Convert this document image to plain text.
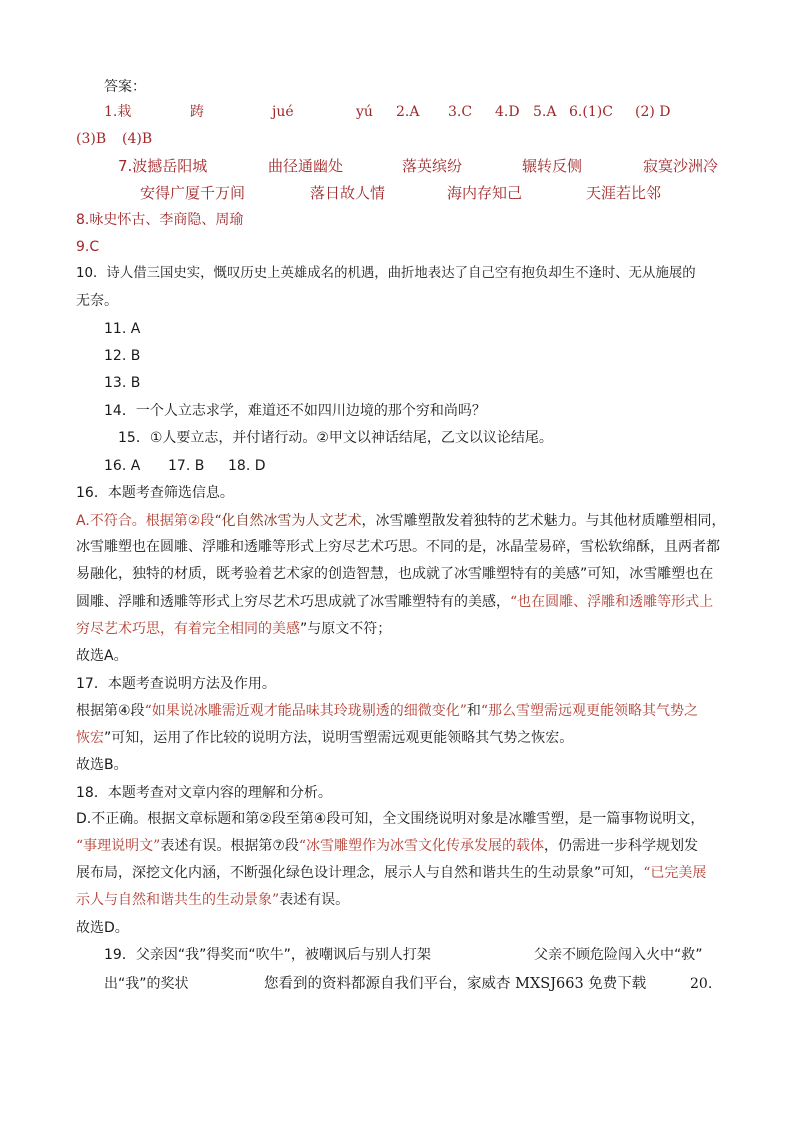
答案：
1.栽	踌	jué	yú 2.A 3.C 4.D 5.A 6.(1)C (2) D
(3)B (4)B
7.波撼岳阳城	曲径通幽处	落英缤纷	辗转反侧	寂寞沙洲冷
安得广厦千万间	落日故人情	海内存知己	天涯若比邻
8.咏史怀古、李商隐、周瑜
9.C
10．诗人借三国史实，慨叹历史上英雄成名的机遇，曲折地表达了自己空有抱负却生不逢时、无从施展的
无奈。
11. A
12. B
13. B
14．一个人立志求学，难道还不如四川边境的那个穷和尚吗？
15．①人要立志，并付诸行动。②甲文以神话结尾，乙文以议论结尾。
16. A 17. B 18. D
16．本题考查筛选信息。
A.不符合。根据第②段“化自然冰雪为人文艺术，冰雪雕塑散发着独特的艺术魅力。与其他材质雕塑相同，
冰雪雕塑也在圆雕、浮雕和透雕等形式上穷尽艺术巧思。不同的是，冰晶莹易碎，雪松软绵酥，且两者都
易融化，独特的材质，既考验着艺术家的创造智慧，也成就了冰雪雕塑特有的美感”可知，冰雪雕塑也在
圆雕、浮雕和透雕等形式上穷尽艺术巧思成就了冰雪雕塑特有的美感，“也在圆雕、浮雕和透雕等形式上
穷尽艺术巧思，有着完全相同的美感”与原文不符；
故选A。
17．本题考查说明方法及作用。
根据第④段“如果说冰雕需近观才能品味其玲珑剔透的细微变化”和“那么雪塑需远观更能领略其气势之
恢宏”可知，运用了作比较的说明方法，说明雪塑需远观更能领略其气势之恢宏。
故选B。
18．本题考查对文章内容的理解和分析。
D.不正确。根据文章标题和第②段至第④段可知，全文围绕说明对象是冰雕雪塑，是一篇事物说明文，
“事理说明文”表述有误。根据第⑦段“冰雪雕塑作为冰雪文化传承发展的载体，仍需进一步科学规划发
展布局，深挖文化内涵，不断强化绿色设计理念，展示人与自然和谐共生的生动景象”可知，“已完美展
示人与自然和谐共生的生动景象”表述有误。
故选D。
19．父亲因“我”得奖而“吹牛”，被嘲讽后与别人打架	父亲不顾危险闯入火中“救”
出“我”的奖状	您看到的资料都源自我们平台，家威杏 MXSJ663 免费下载	20.
